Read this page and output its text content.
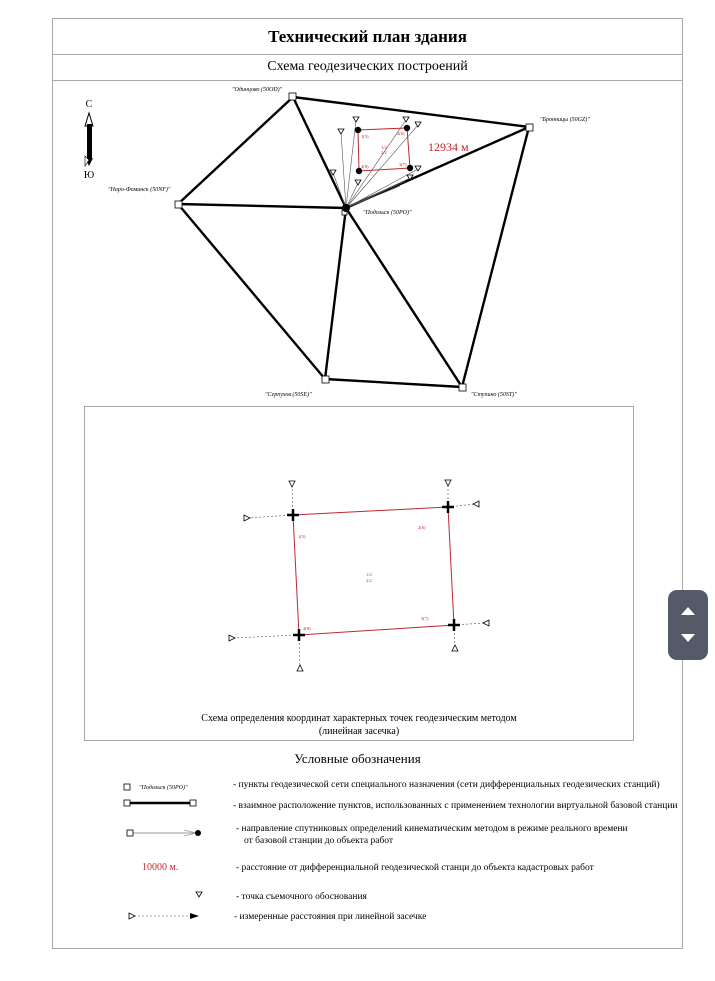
Технический план здания
Схема геодезических построений
С
Ю
1(5)
2(6)
3(7)
4(8)
1/2
2/2	12934 м
"Одинцово (50OD)"
"Бронницы (50GZ)"
"Наро-Фоминск (50NF)"
"Подольск (50PO)"
"Серпухов (50SE)"	"Ступино (50ST)"
1(5)
2(6)
3(7)
4(8)
1/2
2/2
Схема определения координат характерных точек геодезическим методом
(линейная засечка)
Условные обозначения
"Подольск (50PO)"
10000 м.
- пункты геодезической сети специального назначения (сети дифференциальных геодезических станций)
- взаимное расположение пунктов, использованных с применением технологии виртуальной базовой станции
- направление спутниковых определений кинематическим методом в режиме реального времени
от базовой станции до объекта работ
- расстояние от дифференциальной геодезической станци до объекта кадастровых работ
- точка съемочного обоснования
- измеренные расстояния при линейной засечке
